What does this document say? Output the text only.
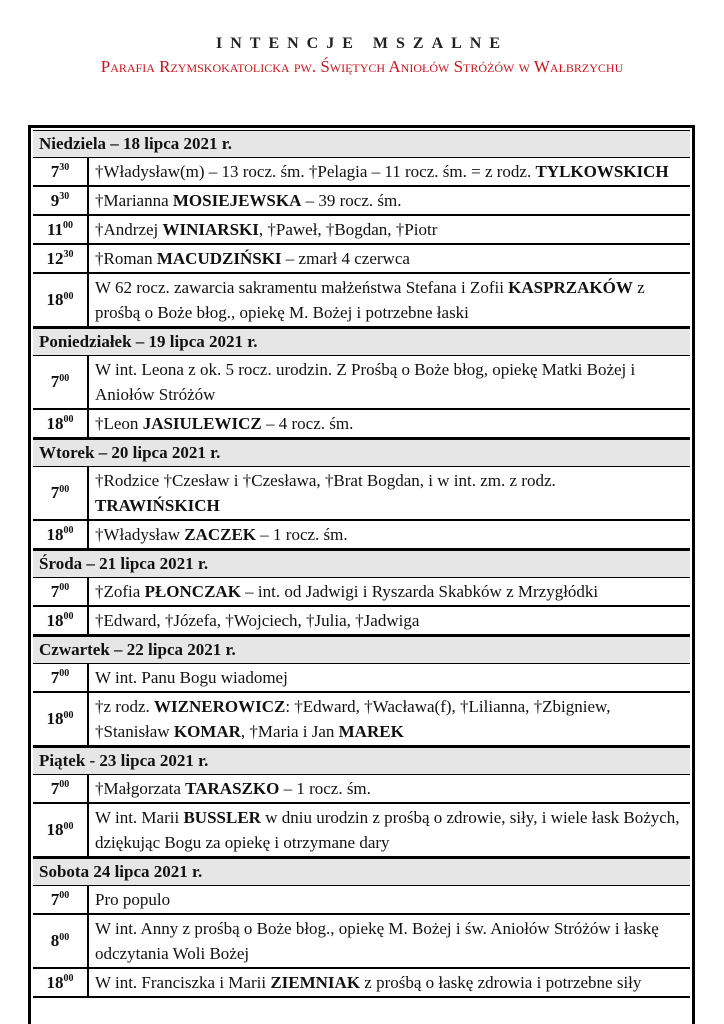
INTENCJE MSZALNE
Parafia Rzymskokatolicka pw. Świętych Aniołów Stróżów w Wałbrzychu
Niedziela – 18 lipca 2021 r.
$7^{30}$	†Władysław(m) – 13 rocz. śm. †Pelagia – 11 rocz. śm. = z rodz. TYLKOWSKICH
$9^{30}$	†Marianna MOSIEJEWSKA – 39 rocz. śm.
$11^{00}$	†Andrzej WINIARSKI, †Paweł, †Bogdan, †Piotr
$12^{30}$	†Roman MACUDZIŃSKI – zmarł 4 czerwca
$18^{00}$	W 62 rocz. zawarcia sakramentu małżeństwa Stefana i Zofii KASPRZAKÓW z prośbą o Boże błog., opiekę M. Bożej i potrzebne łaski
Poniedziałek – 19 lipca 2021 r.
$7^{00}$	W int. Leona z ok. 5 rocz. urodzin. Z Prośbą o Boże błog, opiekę Matki Bożej i Aniołów Stróżów
$18^{00}$	†Leon JASIULEWICZ – 4 rocz. śm.
Wtorek – 20 lipca 2021 r.
$7^{00}$	†Rodzice †Czesław i †Czesława, †Brat Bogdan, i w int. zm. z rodz. TRAWIŃSKICH
$18^{00}$	†Władysław ZACZEK – 1 rocz. śm.
Środa – 21 lipca 2021 r.
$7^{00}$	†Zofia PŁONCZAK – int. od Jadwigi i Ryszarda Skabków z Mrzygłódki
$18^{00}$	†Edward, †Józefa, †Wojciech, †Julia, †Jadwiga
Czwartek – 22 lipca 2021 r.
$7^{00}$	W int. Panu Bogu wiadomej
$18^{00}$	†z rodz. WIZNEROWICZ: †Edward, †Wacława(f), †Lilianna, †Zbigniew, †Stanisław KOMAR, †Maria i Jan MAREK
Piątek - 23 lipca 2021 r.
$7^{00}$	†Małgorzata TARASZKO – 1 rocz. śm.
$18^{00}$	W int. Marii BUSSLER w dniu urodzin z prośbą o zdrowie, siły, i wiele łask Bożych, dziękując Bogu za opiekę i otrzymane dary
Sobota 24 lipca 2021 r.
$7^{00}$	Pro populo
$8^{00}$	W int. Anny z prośbą o Boże błog., opiekę M. Bożej i św. Aniołów Stróżów i łaskę odczytania Woli Bożej
$18^{00}$	W int. Franciszka i Marii ZIEMNIAK z prośbą o łaskę zdrowia i potrzebne siły
